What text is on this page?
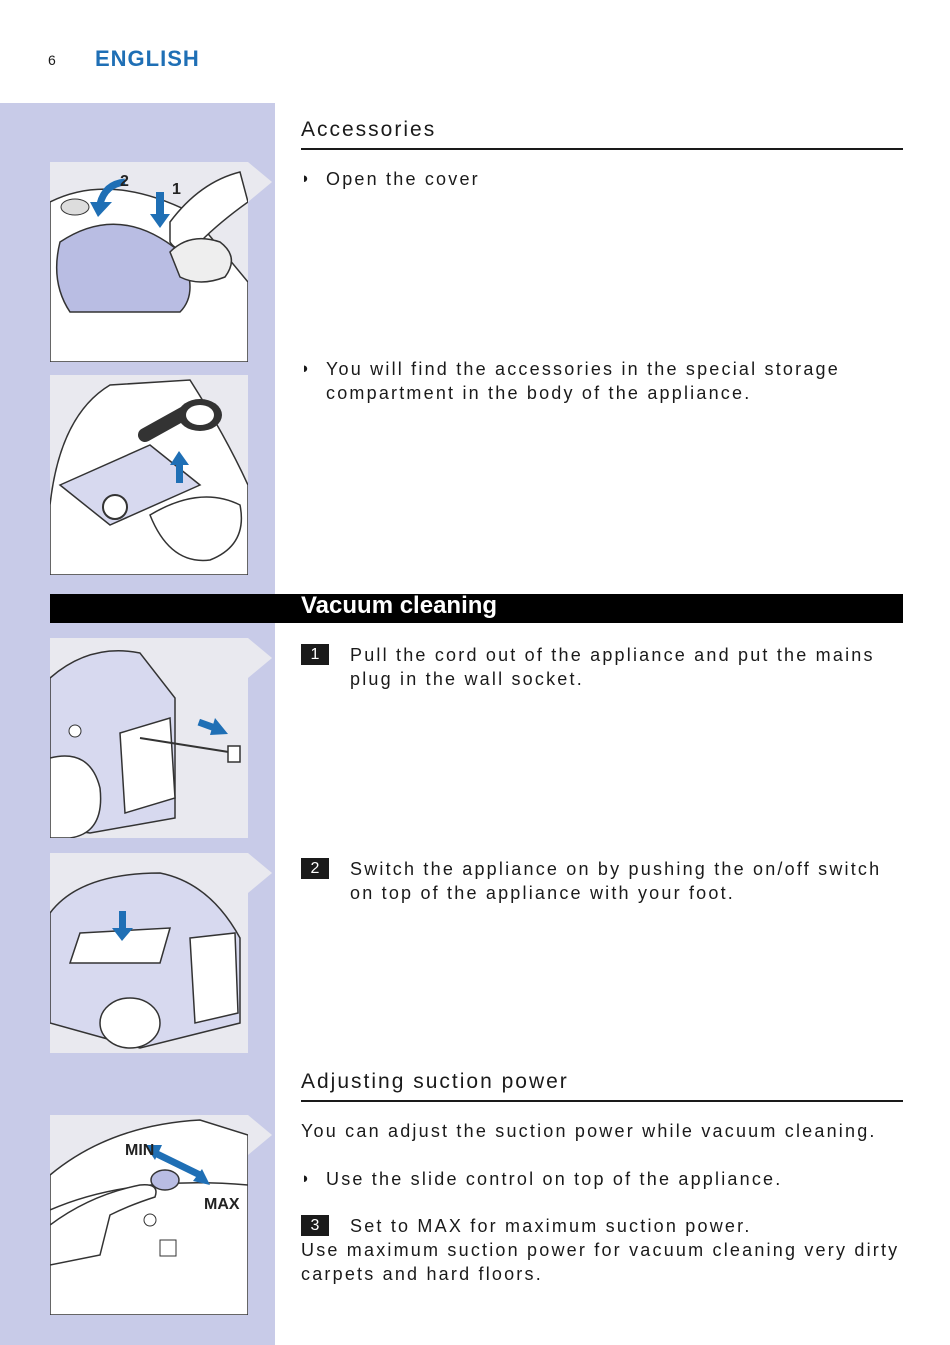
6 ENGLISH
2	1
Accessories
◗ Open the cover
◗ You will find the accessories in the special storage compartment in the body of the appliance.
Vacuum cleaning
1	Pull the cord out of the appliance and put the mains plug in the wall socket.
2	Switch the appliance on by pushing the on/off switch on top of the appliance with your foot.
Adjusting suction power
MIN
MAX
You can adjust the suction power while vacuum cleaning.
◗ Use the slide control on top of the appliance.
3	Set to MAX for maximum suction power.
Use maximum suction power for vacuum cleaning very dirty carpets and hard floors.
